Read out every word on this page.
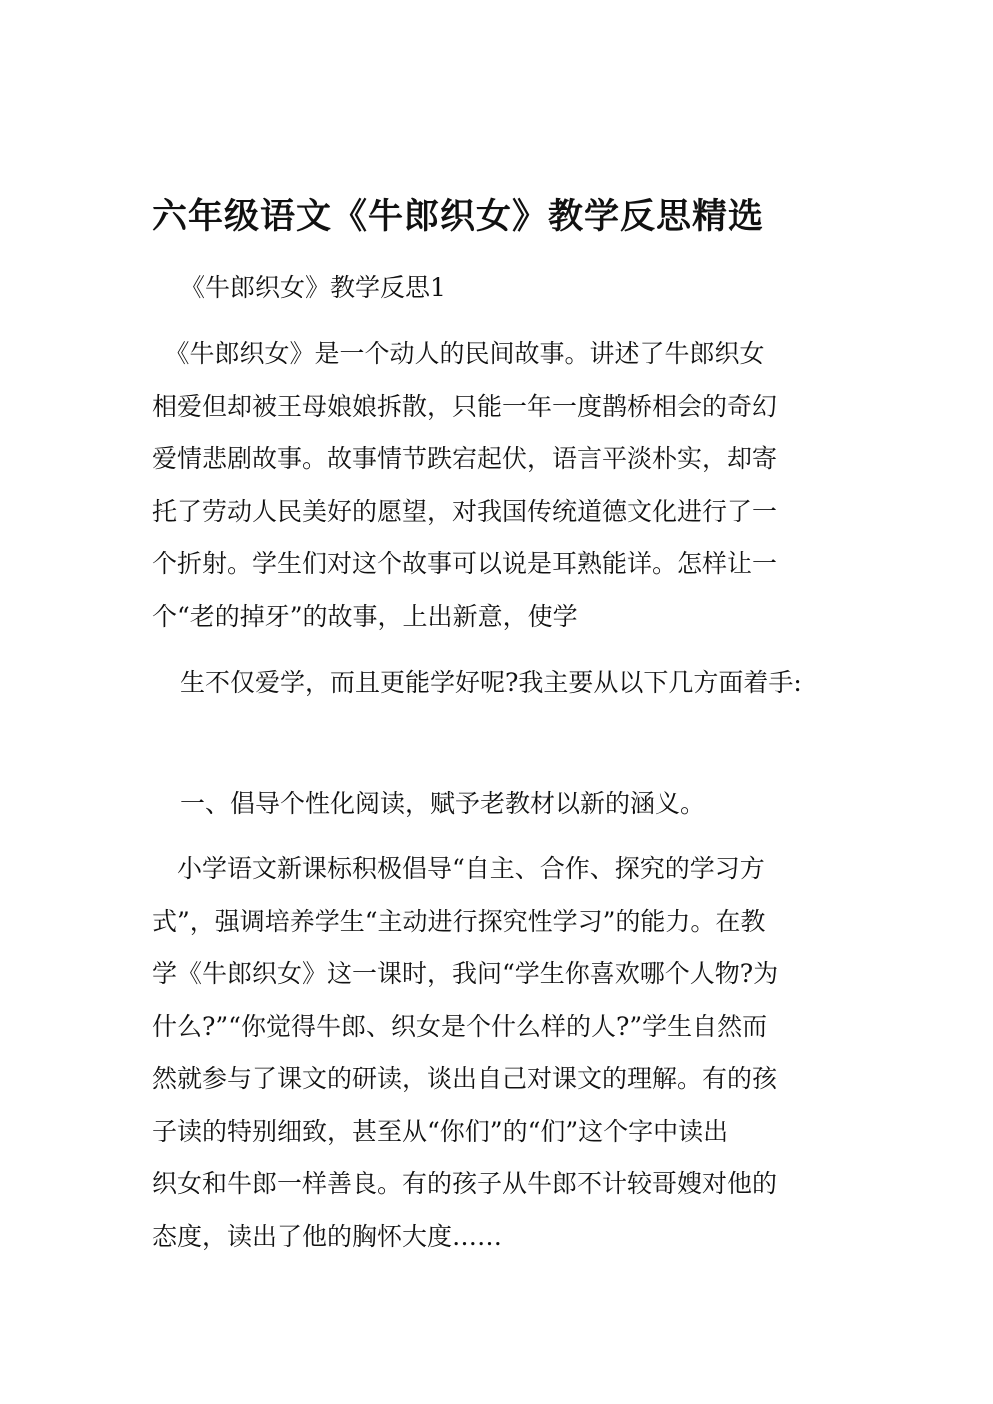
六年级语文《牛郎织女》教学反思精选
《牛郎织女》教学反思1
　《牛郎织女》是一个动人的民间故事。讲述了牛郎织女
相爱但却被王母娘娘拆散，只能一年一度鹊桥相会的奇幻
爱情悲剧故事。故事情节跌宕起伏，语言平淡朴实，却寄
托了劳动人民美好的愿望，对我国传统道德文化进行了一
个折射。学生们对这个故事可以说是耳熟能详。怎样让一
个“老的掉牙”的故事，上出新意，使学
生不仅爱学，而且更能学好呢?我主要从以下几方面着手:
一、倡导个性化阅读，赋予老教材以新的涵义。
　小学语文新课标积极倡导“自主、合作、探究的学习方
式”，强调培养学生“主动进行探究性学习”的能力。在教
学《牛郎织女》这一课时，我问“学生你喜欢哪个人物?为
什么?”“你觉得牛郎、织女是个什么样的人?”学生自然而
然就参与了课文的研读，谈出自己对课文的理解。有的孩
子读的特别细致，甚至从“你们”的“们”这个字中读出
织女和牛郎一样善良。有的孩子从牛郎不计较哥嫂对他的
态度，读出了他的胸怀大度……
